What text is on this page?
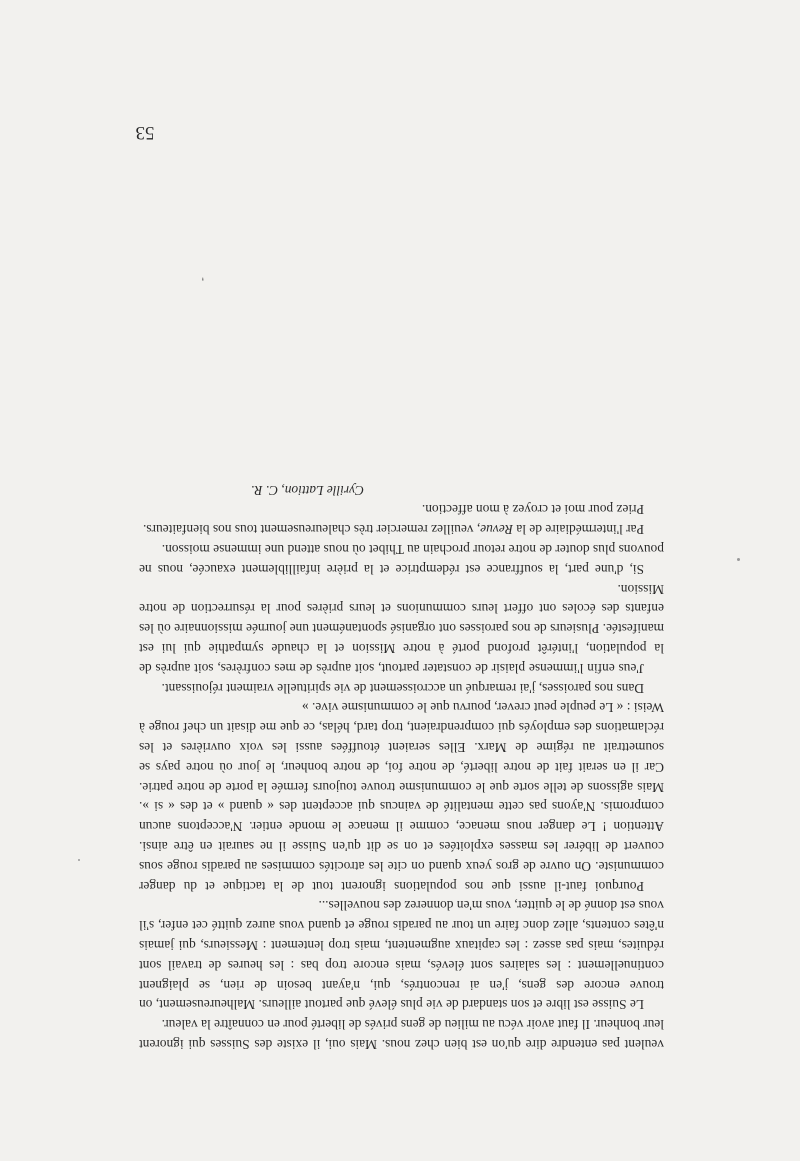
veulent pas entendre dire qu'on est bien chez nous. Mais oui, il existe des Suisses qui ignorent leur bonheur. Il faut avoir vécu au milieu de gens privés de liberté pour en connaître la valeur.

Le Suisse est libre et son standard de vie plus élevé que partout ailleurs. Malheureusement, on trouve encore des gens, j'en ai rencontrés, qui, n'ayant besoin de rien, se plaignent continuellement : les salaires sont élevés, mais encore trop bas : les heures de travail sont réduites, mais pas assez : les capitaux augmentent, mais trop lentement : Messieurs, qui jamais n'êtes contents, allez donc faire un tour au paradis rouge et quand vous aurez quitté cet enfer, s'il vous est donné de le quitter, vous m'en donnerez des nouvelles...

Pourquoi faut-il aussi que nos populations ignorent tout de la tactique et du danger communiste. On ouvre de gros yeux quand on cite les atrocités commises au paradis rouge sous couvert de libérer les masses exploitées et on se dit qu'en Suisse il ne saurait en être ainsi. Attention ! Le danger nous menace, comme il menace le monde entier. N'acceptons aucun compromis. N'ayons pas cette mentalité de vaincus qui acceptent des « quand » et des « si ». Mais agissons de telle sorte que le communisme trouve toujours fermée la porte de notre patrie. Car il en serait fait de notre liberté, de notre foi, de notre bonheur, le jour où notre pays se soumettrait au régime de Marx. Elles seraient étouffées aussi les voix ouvrières et les réclamations des employés qui comprendraient, trop tard, hélas, ce que me disait un chef rouge à Weisi : « Le peuple peut crever, pourvu que le communisme vive. »

Dans nos paroisses, j'ai remarqué un accroissement de vie spirituelle vraiment réjouissant.

J'eus enfin l'immense plaisir de constater partout, soit auprès de mes confrères, soit auprès de la population, l'intérêt profond porté à notre Mission et la chaude sympathie qui lui est manifestée. Plusieurs de nos paroisses ont organisé spontanément une journée missionnaire où les enfants des écoles ont offert leurs communions et leurs prières pour la résurrection de notre Mission.

Si, d'une part, la souffrance est rédemptrice et la prière infailliblement exaucée, nous ne pouvons plus douter de notre retour prochain au Thibet où nous attend une immense moisson.

Par l'intermédiaire de la Revue, veuillez remercier très chaleureusement tous nos bienfaiteurs.

Priez pour moi et croyez à mon affection.

Cyrille Lattion, C. R.

53
'
